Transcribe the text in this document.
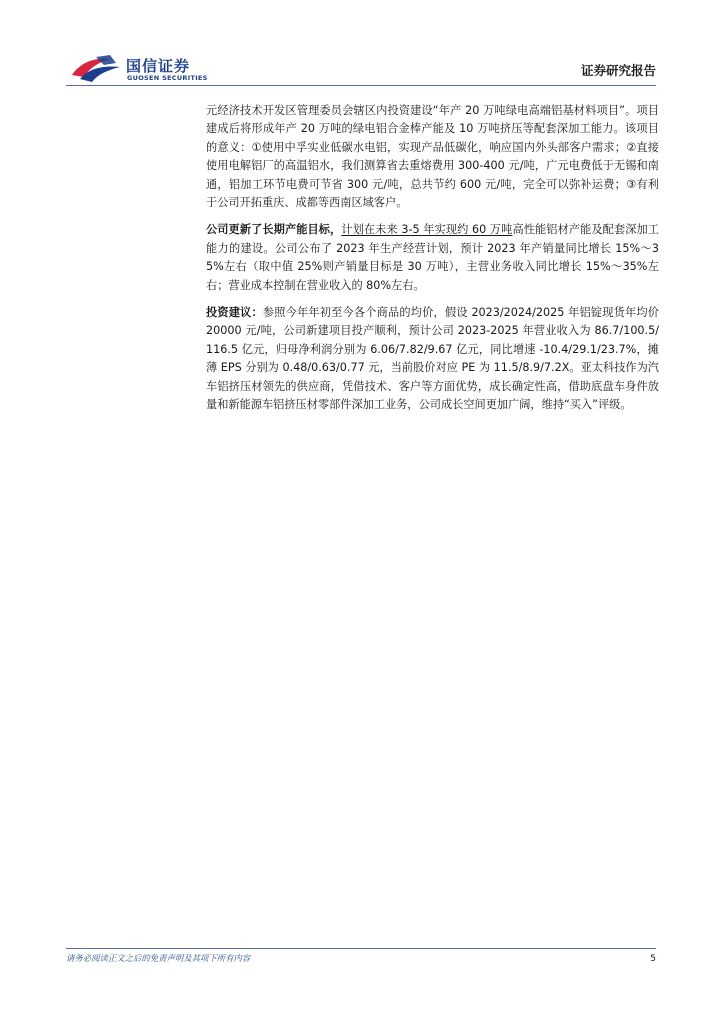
国信证券
GUOSEN SECURITIES	证券研究报告

元经济技术开发区管理委员会辖区内投资建设“年产 20 万吨绿电高端铝基材料项目”。项目建成后将形成年产 20 万吨的绿电铝合金棒产能及 10 万吨挤压等配套深加工能力。该项目的意义：①使用中孚实业低碳水电铝，实现产品低碳化，响应国内外头部客户需求；②直接使用电解铝厂的高温铝水，我们测算省去重熔费用 300-400 元/吨，广元电费低于无锡和南通，铝加工环节电费可节省 300 元/吨，总共节约 600 元/吨，完全可以弥补运费；③有利于公司开拓重庆、成都等西南区域客户。

公司更新了长期产能目标，计划在未来 3-5 年实现约 60 万吨高性能铝材产能及配套深加工能力的建设。公司公布了 2023 年生产经营计划，预计 2023 年产销量同比增长 15%～35%左右（取中值 25%则产销量目标是 30 万吨），主营业务收入同比增长 15%～35%左右；营业成本控制在营业收入的 80%左右。

投资建议：参照今年年初至今各个商品的均价，假设 2023/2024/2025 年铝锭现货年均价 20000 元/吨，公司新建项目投产顺利，预计公司 2023-2025 年营业收入为 86.7/100.5/116.5 亿元，归母净利润分别为 6.06/7.82/9.67 亿元，同比增速 -10.4/29.1/23.7%，摊薄 EPS 分别为 0.48/0.63/0.77 元，当前股价对应 PE 为 11.5/8.9/7.2X。亚太科技作为汽车铝挤压材领先的供应商，凭借技术、客户等方面优势，成长确定性高，借助底盘车身件放量和新能源车铝挤压材零部件深加工业务，公司成长空间更加广阔，维持“买入”评级。

请务必阅读正文之后的免责声明及其项下所有内容	5
